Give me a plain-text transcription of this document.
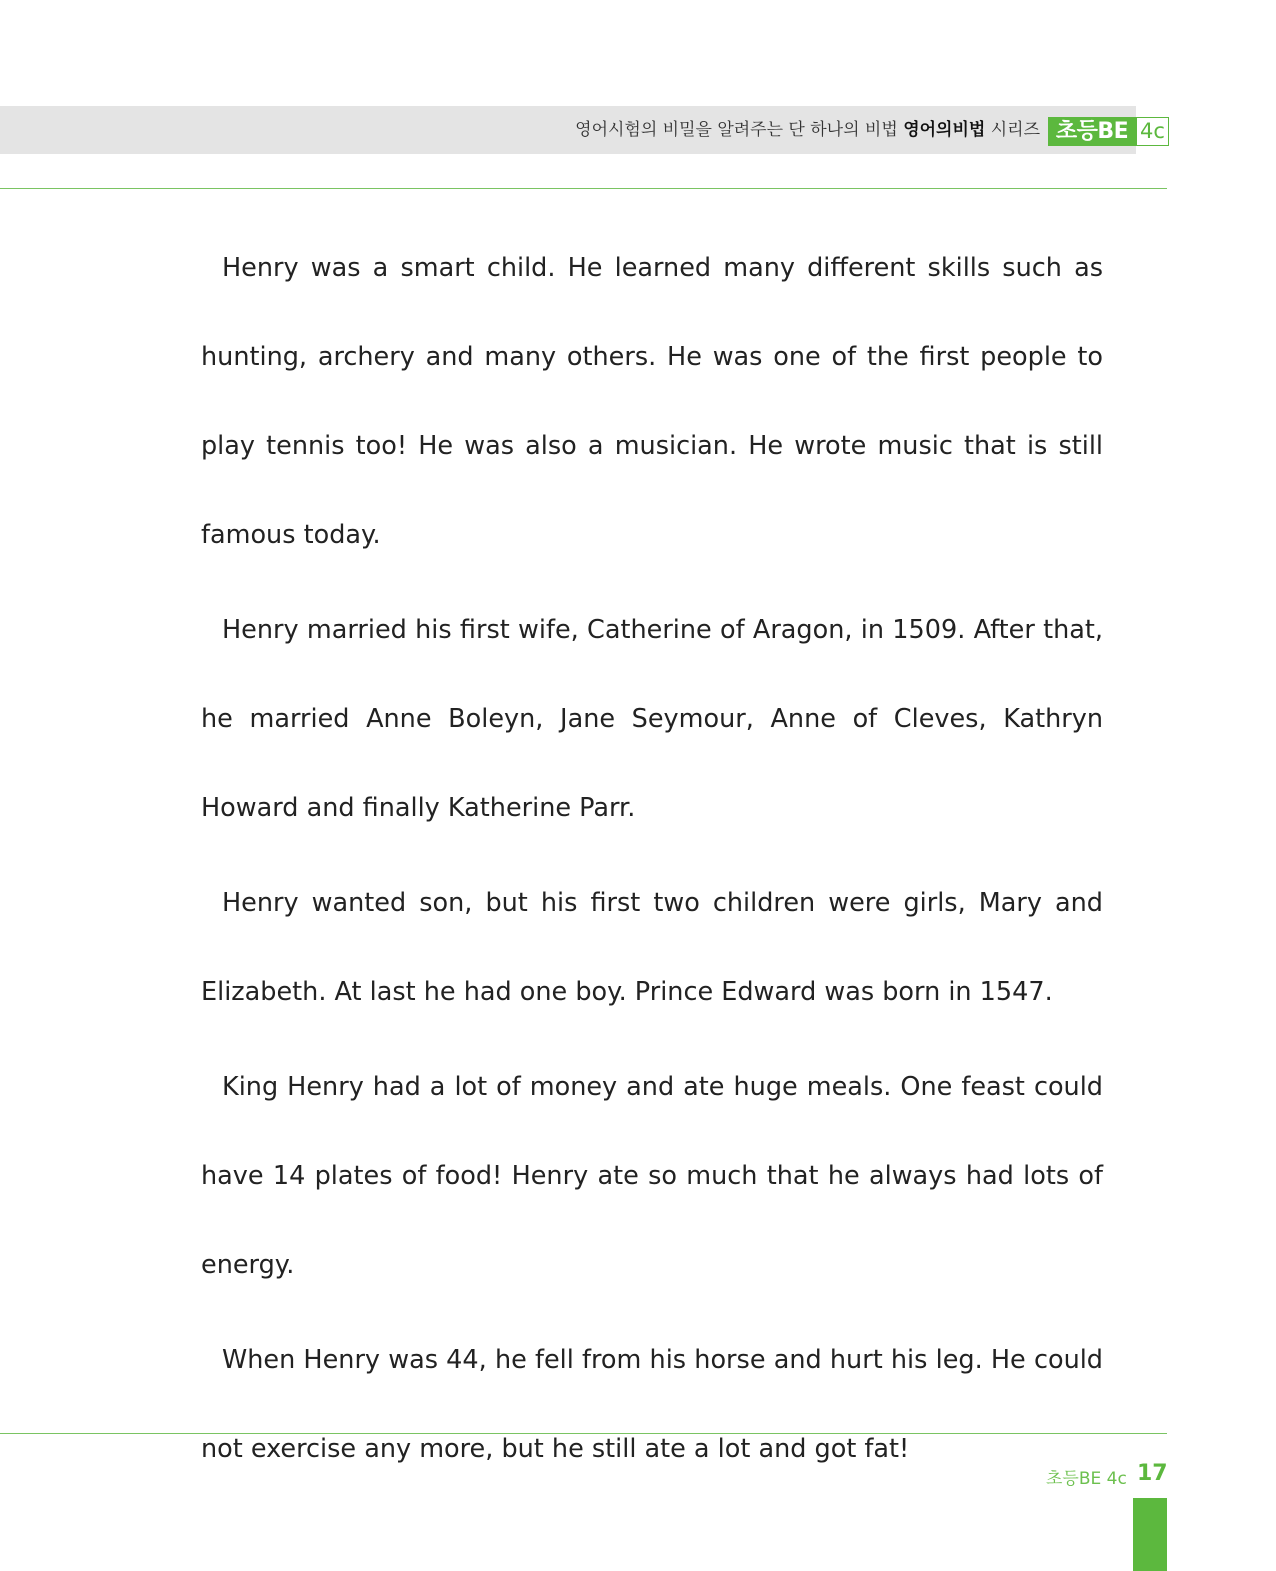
영어시험의 비밀을 알려주는 단 하나의 비법 영어의비법 시리즈 초등BE 4c

Henry was a smart child. He learned many different skills such as hunting, archery and many others. He was one of the first people to play tennis too! He was also a musician. He wrote music that is still famous today.

Henry married his first wife, Catherine of Aragon, in 1509. After that, he married Anne Boleyn, Jane Seymour, Anne of Cleves, Kathryn Howard and finally Katherine Parr.

Henry wanted son, but his first two children were girls, Mary and Elizabeth. At last he had one boy. Prince Edward was born in 1547.

King Henry had a lot of money and ate huge meals. One feast could have 14 plates of food! Henry ate so much that he always had lots of energy.

When Henry was 44, he fell from his horse and hurt his leg. He could not exercise any more, but he still ate a lot and got fat!

초등BE 4c 17
